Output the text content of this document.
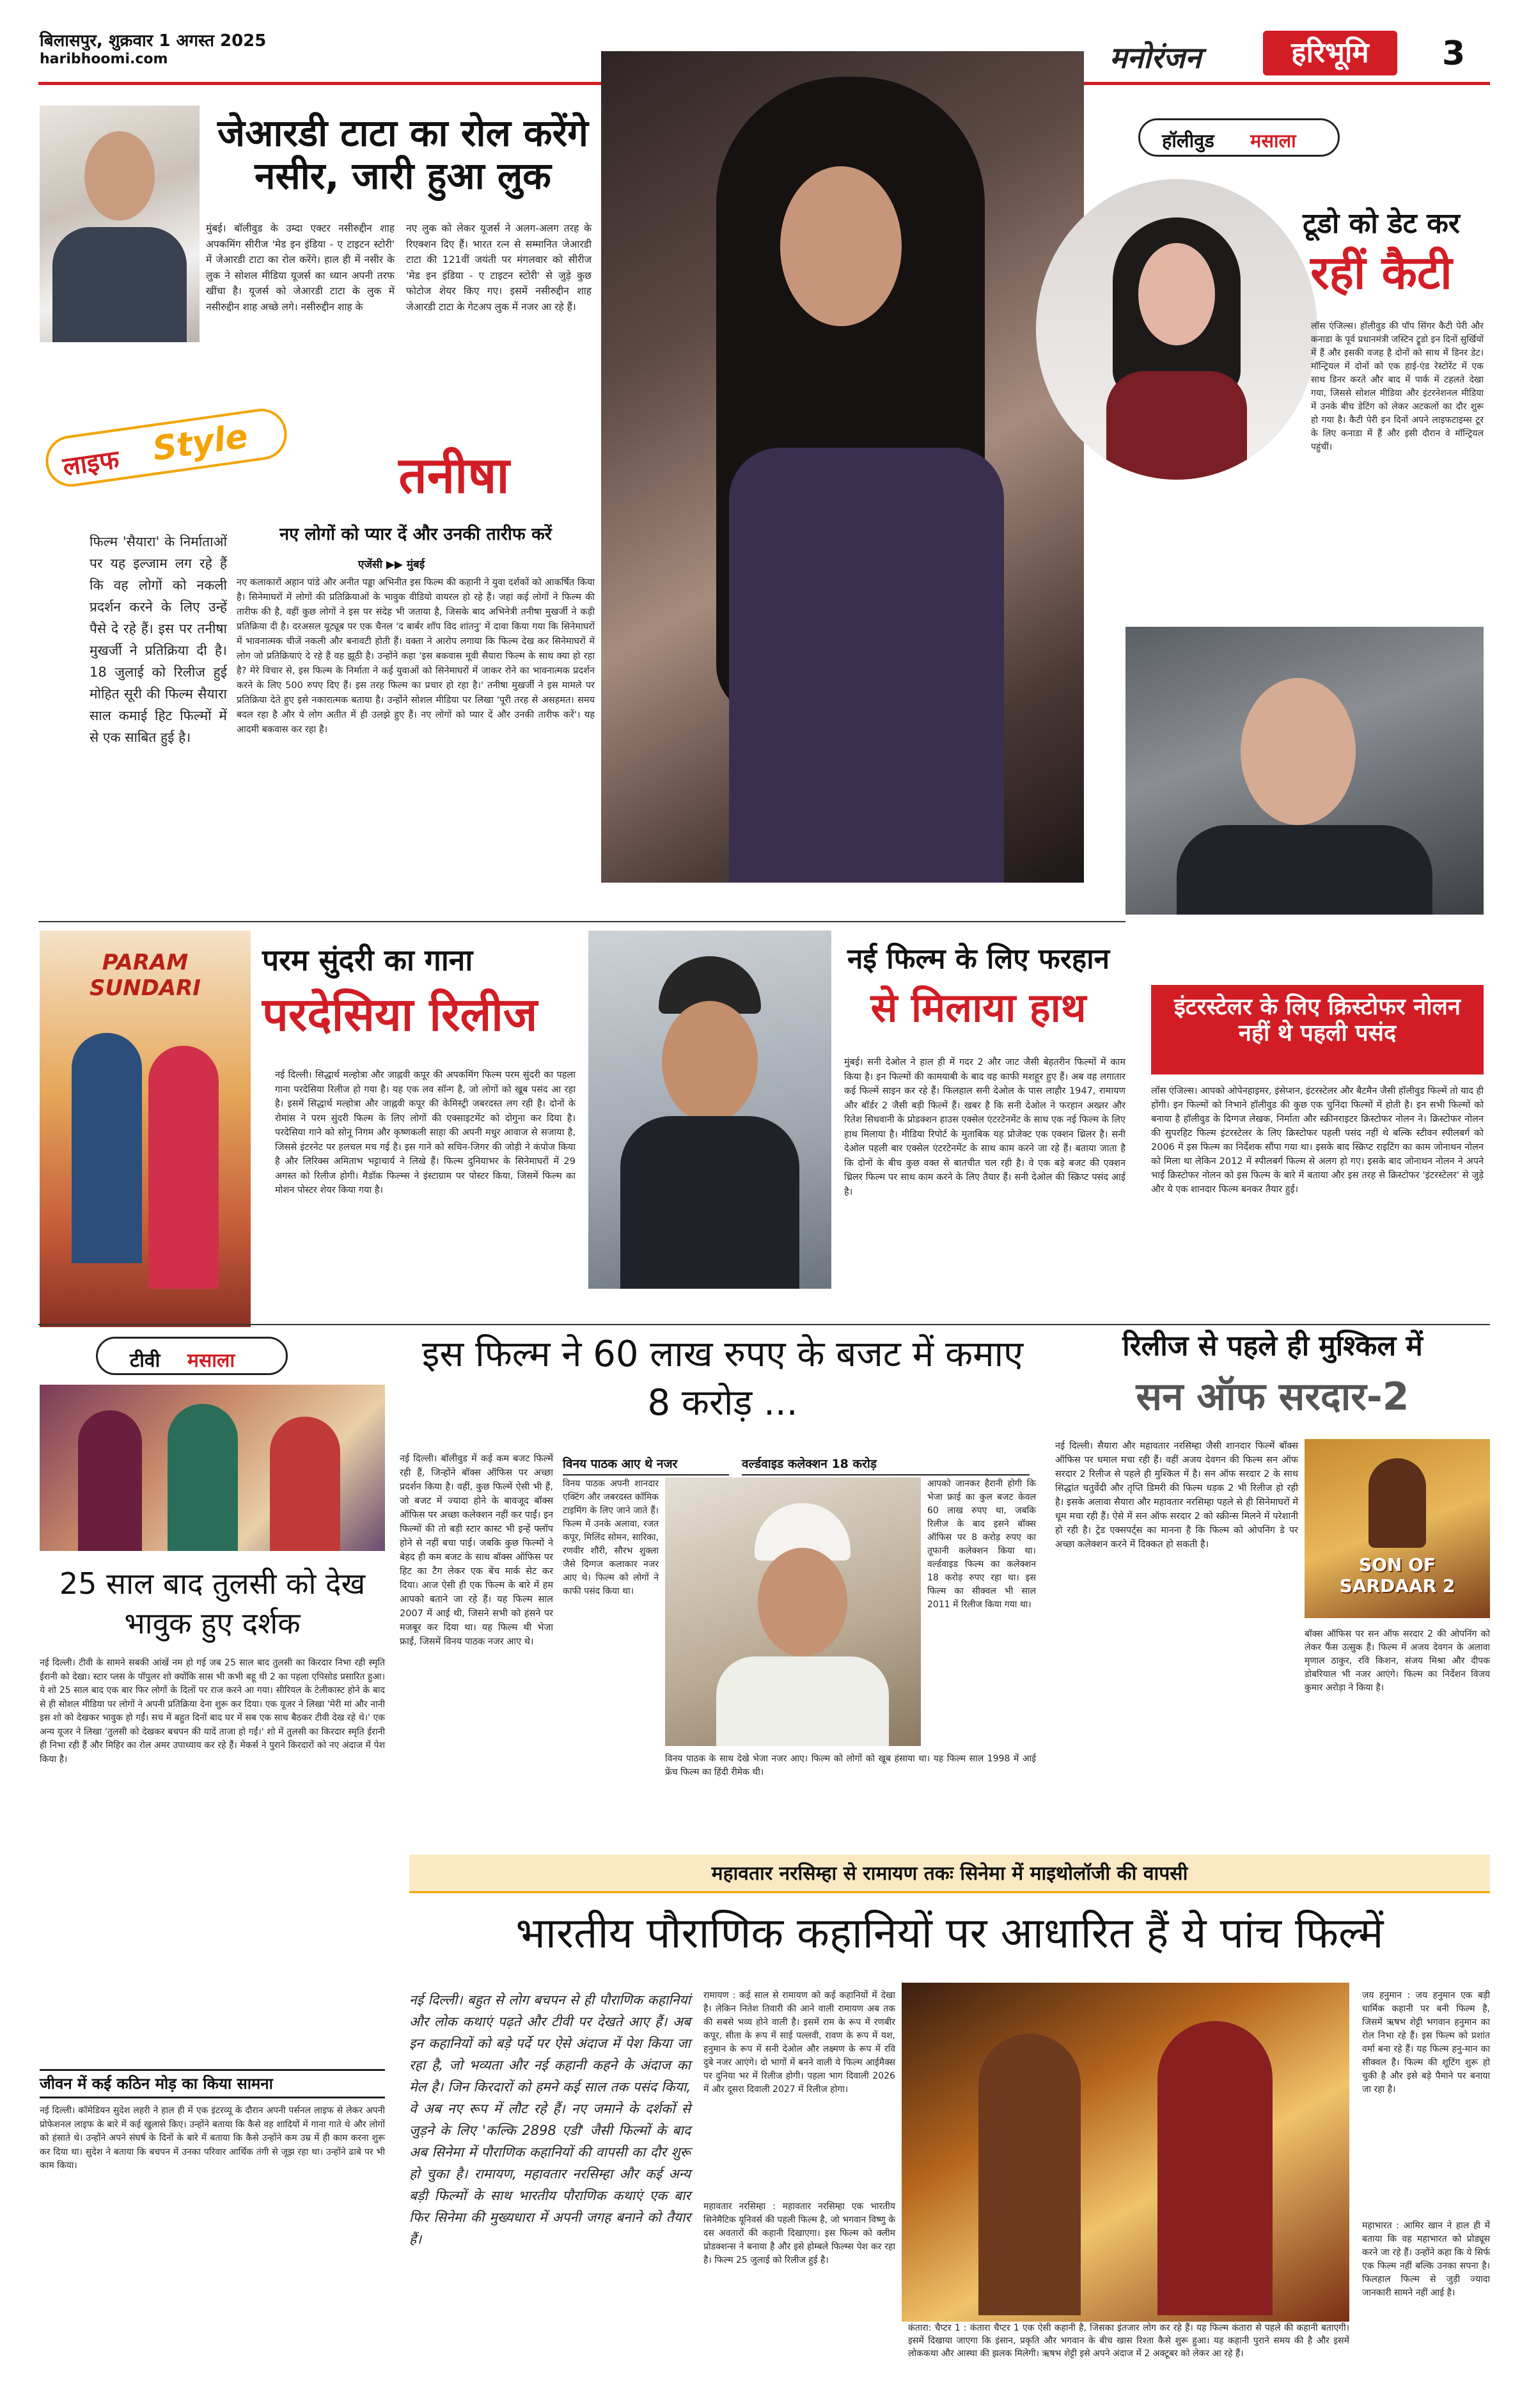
बिलासपुर, शुक्रवार 1 अगस्त 2025
haribhoomi.com	मनोरंजन	हरिभूमि	3
जेआरडी टाटा का रोल करेंगे नसीर, जारी हुआ लुक
मुंबई। बॉलीवुड के उम्दा एक्टर नसीरुद्दीन शाह अपकमिंग सीरीज 'मेड इन इंडिया - ए टाइटन स्टोरी' में जेआरडी टाटा का रोल करेंगे। हाल ही में नसीर के लुक ने सोशल मीडिया यूजर्स का ध्यान अपनी तरफ खींचा है। यूजर्स को जेआरडी टाटा के लुक में नसीरुद्दीन शाह अच्छे लगे। नसीरुद्दीन शाह के
नए लुक को लेकर यूजर्स ने अलग-अलग तरह के रिएक्शन दिए हैं। भारत रत्न से सम्मानित जेआरडी टाटा की 121वीं जयंती पर मंगलवार को सीरीज 'मेड इन इंडिया - ए टाइटन स्टोरी' से जुड़े कुछ फोटोज शेयर किए गए। इसमें नसीरुद्दीन शाह जेआरडी टाटा के गेटअप लुक में नजर आ रहे हैं।
लाइफ Style
फिल्म 'सैयारा' के निर्माताओं पर यह इल्जाम लग रहे हैं कि वह लोगों को नकली प्रदर्शन करने के लिए उन्हें पैसे दे रहे हैं। इस पर तनीषा मुखर्जी ने प्रतिक्रिया दी है। 18 जुलाई को रिलीज हुई मोहित सूरी की फिल्म सैयारा साल कमाई हिट फिल्मों में से एक साबित हुई है।
तनीषा
नए लोगों को प्यार दें और उनकी तारीफ करें
एजेंसी ▶▶ मुंबई
नए कलाकारों अहान पांडे और अनीत पड्डा अभिनीत इस फिल्म की कहानी ने युवा दर्शकों को आकर्षित किया है। सिनेमाघरों में लोगों की प्रतिक्रियाओं के भावुक वीडियो वायरल हो रहे हैं। जहां कई लोगों ने फिल्म की तारीफ की है, वहीं कुछ लोगों ने इस पर संदेह भी जताया है, जिसके बाद अभिनेत्री तनीषा मुखर्जी ने कड़ी प्रतिक्रिया दी है। दरअसल यूट्यूब पर एक चैनल 'द बार्बर शॉप विद शांतनु' में दावा किया गया कि सिनेमाघरों में भावनात्मक चीजें नकली और बनावटी होती हैं। वक्ता ने आरोप लगाया कि फिल्म देख कर सिनेमाघरों में लोग जो प्रतिक्रियाएं दे रहे हैं वह झूठी है। उन्होंने कहा 'इस बकवास मूवी सैयारा फिल्म के साथ क्या हो रहा है? मेरे विचार से, इस फिल्म के निर्माता ने कई युवाओं को सिनेमाघरों में जाकर रोने का भावनात्मक प्रदर्शन करने के लिए 500 रुपए दिए हैं। इस तरह फिल्म का प्रचार हो रहा है।' तनीषा मुखर्जी ने इस मामले पर प्रतिक्रिया देते हुए इसे नकारात्मक बताया है। उन्होंने सोशल मीडिया पर लिखा 'पूरी तरह से असहमत। समय बदल रहा है और ये लोग अतीत में ही उलझे हुए हैं। नए लोगों को प्यार दें और उनकी तारीफ करें'। यह आदमी बकवास कर रहा है।
हॉलीवुड मसाला
टूडो को डेट कर
रहीं कैटी
लॉस एंजिल्स। हॉलीवुड की पॉप सिंगर कैटी पेरी और कनाडा के पूर्व प्रधानमंत्री जस्टिन ट्रूडो इन दिनों सुर्खियों में हैं और इसकी वजह है दोनों को साथ में डिनर डेट। मॉन्ट्रियल में दोनों को एक हाई-एंड रेस्टोरेंट में एक साथ डिनर करते और बाद में पार्क में टहलते देखा गया, जिससे सोशल मीडिया और इंटरनेशनल मीडिया में उनके बीच डेटिंग को लेकर अटकलों का दौर शुरू हो गया है। कैटी पेरी इन दिनों अपने लाइफटाइम्स टूर के लिए कनाडा में हैं और इसी दौरान वे मॉन्ट्रियल पहुंचीं।
इंटरस्टेलर के लिए क्रिस्टोफर नोलन नहीं थे पहली पसंद
लॉस एंजिल्स। आपको ओपेनहाइमर, इंसेप्शन, इंटरस्टेलर और बैटमैन जैसी हॉलीवुड फिल्में तो याद ही होंगी। इन फिल्मों को निभाने हॉलीवुड की कुछ एक चुनिंदा फिल्मों में होती है। इन सभी फिल्मों को बनाया है हॉलीवुड के दिग्गज लेखक, निर्माता और स्क्रीनराइटर क्रिस्टोफर नोलन ने। क्रिस्टोफर नोलन की सुपरहिट फिल्म इंटरस्टेलर के लिए क्रिस्टोफर पहली पसंद नहीं थे बल्कि स्टीवन स्पीलबर्ग को 2006 में इस फिल्म का निर्देशक सौंपा गया था। इसके बाद स्क्रिप्ट राइटिंग का काम जोनाथन नोलन को मिला था लेकिन 2012 में स्पीलबर्ग फिल्म से अलग हो गए। इसके बाद जोनाथन नोलन ने अपने भाई क्रिस्टोफर नोलन को इस फिल्म के बारे में बताया और इस तरह से क्रिस्टोफर 'इंटरस्टेलर' से जुड़े और ये एक शानदार फिल्म बनकर तैयार हुई।
PARAM SUNDARI
परम सुंदरी का गाना
परदेसिया रिलीज
नई दिल्ली। सिद्धार्थ मल्होत्रा और जाह्नवी कपूर की अपकमिंग फिल्म परम सुंदरी का पहला गाना परदेसिया रिलीज हो गया है। यह एक लव सॉन्ग है, जो लोगों को खूब पसंद आ रहा है। इसमें सिद्धार्थ मल्होत्रा और जाह्नवी कपूर की केमिस्ट्री जबरदस्त लग रही है। दोनों के रोमांस ने परम सुंदरी फिल्म के लिए लोगों की एक्साइटमेंट को दोगुना कर दिया है। परदेसिया गाने को सोनू निगम और कृष्णकली साहा की अपनी मधुर आवाज से सजाया है, जिससे इंटरनेट पर हलचल मच गई है। इस गाने को सचिन-जिगर की जोड़ी ने कंपोज किया है और लिरिक्स अमिताभ भट्टाचार्य ने लिखे हैं। फिल्म दुनियाभर के सिनेमाघरों में 29 अगस्त को रिलीज होगी। मैडॉक फिल्म्स ने इंस्टाग्राम पर पोस्टर किया, जिसमें फिल्म का मोशन पोस्टर शेयर किया गया है।
नई फिल्म के लिए फरहान
से मिलाया हाथ
मुंबई। सनी देओल ने हाल ही में गदर 2 और जाट जैसी बेहतरीन फिल्मों में काम किया है। इन फिल्मों की कामयाबी के बाद वह काफी मशहूर हुए हैं। अब वह लगातार कई फिल्में साइन कर रहे हैं। फिलहाल सनी देओल के पास लाहौर 1947, रामायण और बॉर्डर 2 जैसी बड़ी फिल्में हैं। खबर है कि सनी देओल ने फरहान अख्तर और रितेश सिधवानी के प्रोडक्शन हाउस एक्सेल एंटरटेनमेंट के साथ एक नई फिल्म के लिए हाथ मिलाया है। मीडिया रिपोर्ट के मुताबिक यह प्रोजेक्ट एक एक्शन थ्रिलर है। सनी देओल पहली बार एक्सेल एंटरटेनमेंट के साथ काम करने जा रहे हैं। बताया जाता है कि दोनों के बीच कुछ वक्त से बातचीत चल रही है। वे एक बड़े बजट की एक्शन थ्रिलर फिल्म पर साथ काम करने के लिए तैयार हैं। सनी देओल की स्क्रिप्ट पसंद आई है।
टीवी मसाला
25 साल बाद तुलसी को देख भावुक हुए दर्शक
नई दिल्ली। टीवी के सामने सबकी आंखें नम हो गई जब 25 साल बाद तुलसी का किरदार निभा रही स्मृति ईरानी को देखा। स्टार प्लस के पॉपुलर शो क्योंकि सास भी कभी बहू थी 2 का पहला एपिसोड प्रसारित हुआ। ये शो 25 साल बाद एक बार फिर लोगों के दिलों पर राज करने आ गया। सीरियल के टेलीकास्ट होने के बाद से ही सोशल मीडिया पर लोगों ने अपनी प्रतिक्रिया देना शुरू कर दिया। एक यूजर ने लिखा 'मेरी मां और नानी इस शो को देखकर भावुक हो गईं। सच में बहुत दिनों बाद घर में सब एक साथ बैठकर टीवी देख रहे थे।' एक अन्य यूजर ने लिखा 'तुलसी को देखकर बचपन की यादें ताजा हो गईं।' शो में तुलसी का किरदार स्मृति ईरानी ही निभा रही हैं और मिहिर का रोल अमर उपाध्याय कर रहे हैं। मेकर्स ने पुराने किरदारों को नए अंदाज में पेश किया है।
जीवन में कई कठिन मोड़ का किया सामना
नई दिल्ली। कॉमेडियन सुदेश लहरी ने हाल ही में एक इंटरव्यू के दौरान अपनी पर्सनल लाइफ से लेकर अपनी प्रोफेशनल लाइफ के बारे में कई खुलासे किए। उन्होंने बताया कि कैसे वह शादियों में गाना गाते थे और लोगों को हंसाते थे। उन्होंने अपने संघर्ष के दिनों के बारे में बताया कि कैसे उन्होंने कम उम्र में ही काम करना शुरू कर दिया था। सुदेश ने बताया कि बचपन में उनका परिवार आर्थिक तंगी से जूझ रहा था। उन्होंने ढाबे पर भी काम किया।
इस फिल्म ने 60 लाख रुपए के बजट में कमाए 8 करोड़ ...
नई दिल्ली। बॉलीवुड में कई कम बजट फिल्में रही हैं, जिन्होंने बॉक्स ऑफिस पर अच्छा प्रदर्शन किया है। वहीं, कुछ फिल्में ऐसी भी हैं, जो बजट में ज्यादा होने के बावजूद बॉक्स ऑफिस पर अच्छा कलेक्शन नहीं कर पाईं। इन फिल्मों की तो बड़ी स्टार कास्ट भी इन्हें फ्लॉप होने से नहीं बचा पाई। जबकि कुछ फिल्मों ने बेहद ही कम बजट के साथ बॉक्स ऑफिस पर हिट का टैग लेकर एक बेंच मार्क सेट कर दिया। आज ऐसी ही एक फिल्म के बारे में हम आपको बताने जा रहे हैं। यह फिल्म साल 2007 में आई थी, जिसने सभी को हंसने पर मजबूर कर दिया था। यह फिल्म थी भेजा फ्राई, जिसमें विनय पाठक नजर आए थे।
विनय पाठक आए थे नजर
विनय पाठक अपनी शानदार एक्टिंग और जबरदस्त कॉमिक टाइमिंग के लिए जाने जाते हैं। फिल्म में उनके अलावा, रजत कपूर, मिलिंद सोमन, सारिका, रणवीर शौरी, सौरभ शुक्ला जैसे दिग्गज कलाकार नजर आए थे। फिल्म को लोगों ने काफी पसंद किया था।
वर्ल्डवाइड कलेक्शन 18 करोड़
आपको जानकर हैरानी होगी कि भेजा फ्राई का कुल बजट केवल 60 लाख रुपए था, जबकि रिलीज के बाद इसने बॉक्स ऑफिस पर 8 करोड़ रुपए का तूफानी कलेक्शन किया था। वर्ल्डवाइड फिल्म का कलेक्शन 18 करोड़ रुपए रहा था। इस फिल्म का सीक्वल भी साल 2011 में रिलीज किया गया था।
विनय पाठक के साथ देखे भेजा नजर आए। फिल्म को लोगों को खूब हंसाया था। यह फिल्म साल 1998 में आई फ्रेंच फिल्म का हिंदी रीमेक थी।
रिलीज से पहले ही मुश्किल में
सन ऑफ सरदार-2
नई दिल्ली। सैयारा और महावतार नरसिम्हा जैसी शानदार फिल्में बॉक्स ऑफिस पर धमाल मचा रही हैं। वहीं अजय देवगन की फिल्म सन ऑफ सरदार 2 रिलीज से पहले ही मुश्किल में है। सन ऑफ सरदार 2 के साथ सिद्धांत चतुर्वेदी और तृप्ति डिमरी की फिल्म धड़क 2 भी रिलीज हो रही है। इसके अलावा सैयारा और महावतार नरसिम्हा पहले से ही सिनेमाघरों में धूम मचा रही हैं। ऐसे में सन ऑफ सरदार 2 को स्क्रीन्स मिलने में परेशानी हो रही है। ट्रेड एक्सपर्ट्स का मानना है कि फिल्म को ओपनिंग डे पर अच्छा कलेक्शन करने में दिक्कत हो सकती है।
SON OF SARDAAR 2
बॉक्स ऑफिस पर सन ऑफ सरदार 2 की ओपनिंग को लेकर फैंस उत्सुक हैं। फिल्म में अजय देवगन के अलावा मृणाल ठाकुर, रवि किशन, संजय मिश्रा और दीपक डोबरियाल भी नजर आएंगे। फिल्म का निर्देशन विजय कुमार अरोड़ा ने किया है।
महावतार नरसिम्हा से रामायण तकः सिनेमा में माइथोलॉजी की वापसी
भारतीय पौराणिक कहानियों पर आधारित हैं ये पांच फिल्में
नई दिल्ली। बहुत से लोग बचपन से ही पौराणिक कहानियां और लोक कथाएं पढ़ते और टीवी पर देखते आए हैं। अब इन कहानियों को बड़े पर्दे पर ऐसे अंदाज में पेश किया जा रहा है, जो भव्यता और नई कहानी कहने के अंदाज का मेल है। जिन किरदारों को हमने कई साल तक पसंद किया, वे अब नए रूप में लौट रहे हैं। नए जमाने के दर्शकों से जुड़ने के लिए 'कल्कि 2898 एडी' जैसी फिल्मों के बाद अब सिनेमा में पौराणिक कहानियों की वापसी का दौर शुरू हो चुका है। रामायण, महावतार नरसिम्हा और कई अन्य बड़ी फिल्मों के साथ भारतीय पौराणिक कथाएं एक बार फिर सिनेमा की मुख्यधारा में अपनी जगह बनाने को तैयार हैं।
रामायण : कई साल से रामायण को कई कहानियों में देखा है। लेकिन नितेश तिवारी की आने वाली रामायण अब तक की सबसे भव्य होने वाली है। इसमें राम के रूप में रणबीर कपूर, सीता के रूप में साई पल्लवी, रावण के रूप में यश, हनुमान के रूप में सनी देओल और लक्ष्मण के रूप में रवि दुबे नजर आएंगे। दो भागों में बनने वाली ये फिल्म आईमैक्स पर दुनिया भर में रिलीज होगी। पहला भाग दिवाली 2026 में और दूसरा दिवाली 2027 में रिलीज होगा।
महावतार नरसिम्हा : महावतार नरसिम्हा एक भारतीय सिनेमैटिक यूनिवर्स की पहली फिल्म है, जो भगवान विष्णु के दस अवतारों की कहानी दिखाएगा। इस फिल्म को क्लीम प्रोडक्शन्स ने बनाया है और इसे होम्बले फिल्म्स पेश कर रहा है। फिल्म 25 जुलाई को रिलीज हुई है।
कंतारा: चैप्टर 1 : कंतारा चैप्टर 1 एक ऐसी कहानी है, जिसका इंतजार लोग कर रहे हैं। यह फिल्म कंतारा से पहले की कहानी बताएगी। इसमें दिखाया जाएगा कि इंसान, प्रकृति और भगवान के बीच खास रिश्ता कैसे शुरू हुआ। यह कहानी पुराने समय की है और इसमें लोककथा और आस्था की झलक मिलेगी। ऋषभ शेट्टी इसे अपने अंदाज में 2 अक्टूबर को लेकर आ रहे हैं।
जय हनुमान : जय हनुमान एक बड़ी धार्मिक कहानी पर बनी फिल्म है, जिसमें ऋषभ शेट्टी भगवान हनुमान का रोल निभा रहे हैं। इस फिल्म को प्रशांत वर्मा बना रहे हैं। यह फिल्म हनु-मान का सीक्वल है। फिल्म की शूटिंग शुरू हो चुकी है और इसे बड़े पैमाने पर बनाया जा रहा है।
महाभारत : आमिर खान ने हाल ही में बताया कि वह महाभारत को प्रोड्यूस करने जा रहे हैं। उन्होंने कहा कि ये सिर्फ एक फिल्म नहीं बल्कि उनका सपना है। फिलहाल फिल्म से जुड़ी ज्यादा जानकारी सामने नहीं आई है।
